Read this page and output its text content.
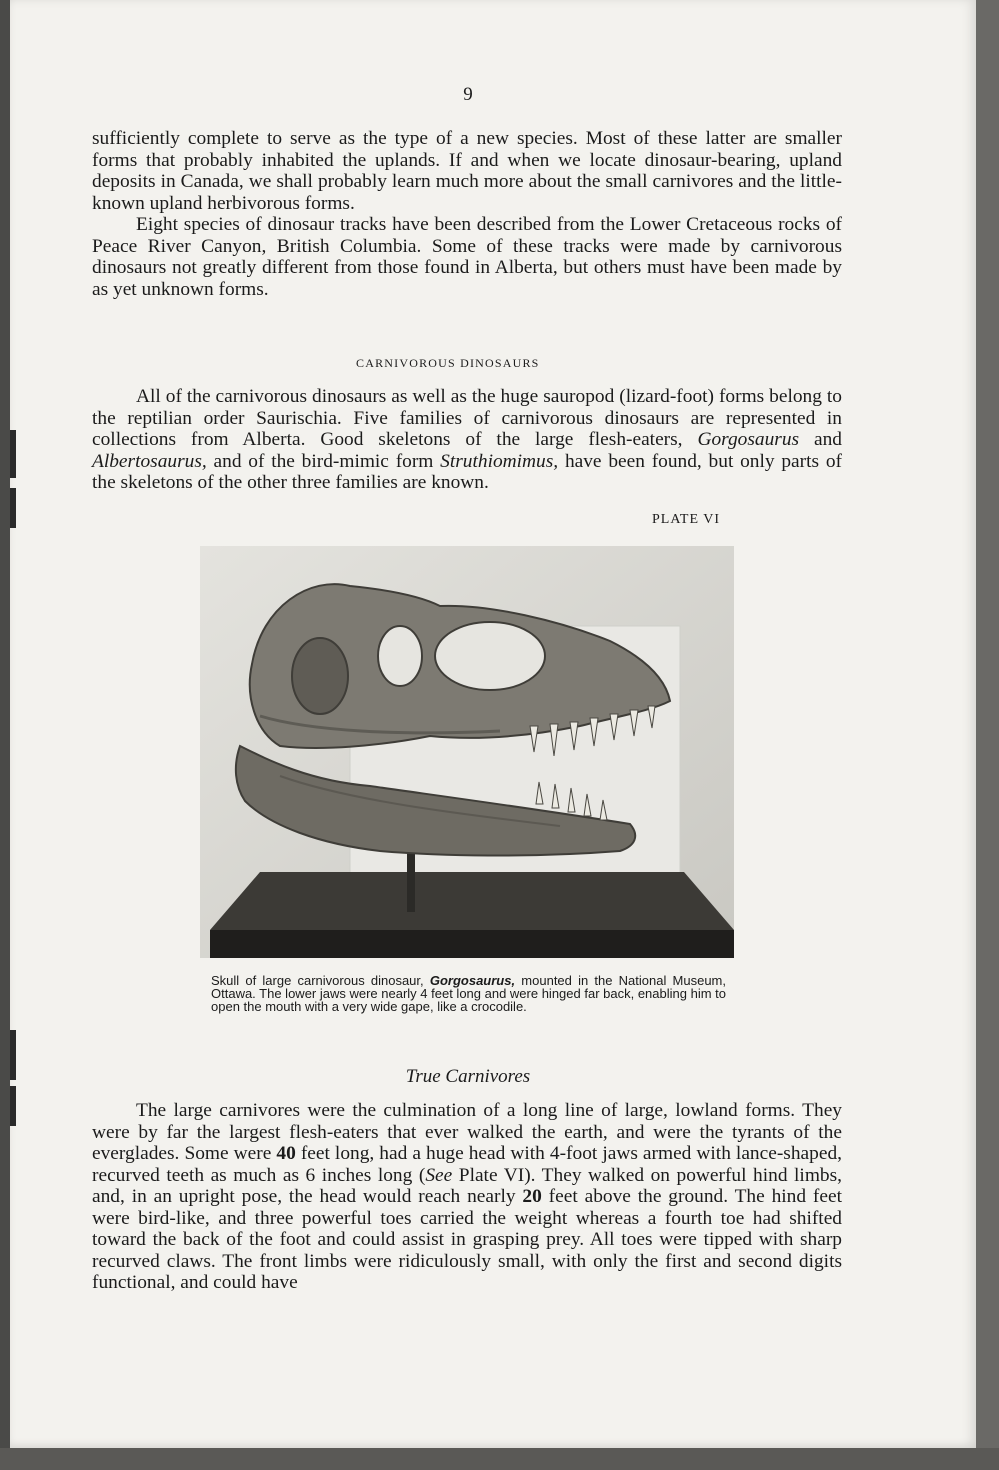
9

sufficiently complete to serve as the type of a new species. Most of these latter are smaller forms that probably inhabited the uplands. If and when we locate dinosaur-bearing, upland deposits in Canada, we shall probably learn much more about the small carnivores and the little-known upland herbivorous forms.

Eight species of dinosaur tracks have been described from the Lower Cretaceous rocks of Peace River Canyon, British Columbia. Some of these tracks were made by carnivorous dinosaurs not greatly different from those found in Alberta, but others must have been made by as yet unknown forms.

CARNIVOROUS DINOSAURS

All of the carnivorous dinosaurs as well as the huge sauropod (lizard-foot) forms belong to the reptilian order Saurischia. Five families of carnivorous dinosaurs are represented in collections from Alberta. Good skeletons of the large flesh-eaters, Gorgosaurus and Albertosaurus, and of the bird-mimic form Struthiomimus, have been found, but only parts of the skeletons of the other three families are known.

PLATE VI
Skull of large carnivorous dinosaur, Gorgosaurus, mounted in the National Museum, Ottawa. The lower jaws were nearly 4 feet long and were hinged far back, enabling him to open the mouth with a very wide gape, like a crocodile.
True Carnivores

The large carnivores were the culmination of a long line of large, lowland forms. They were by far the largest flesh-eaters that ever walked the earth, and were the tyrants of the everglades. Some were 40 feet long, had a huge head with 4-foot jaws armed with lance-shaped, recurved teeth as much as 6 inches long (See Plate VI). They walked on powerful hind limbs, and, in an upright pose, the head would reach nearly 20 feet above the ground. The hind feet were bird-like, and three powerful toes carried the weight whereas a fourth toe had shifted toward the back of the foot and could assist in grasping prey. All toes were tipped with sharp recurved claws. The front limbs were ridiculously small, with only the first and second digits functional, and could have
